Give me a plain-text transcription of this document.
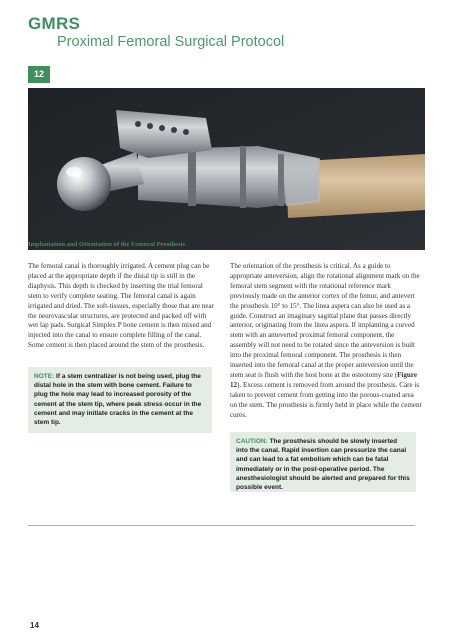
GMRS
Proximal Femoral Surgical Protocol
12
Implantation and Orientation of the Femoral Prosthesis

The femoral canal is thoroughly irrigated. A cement plug can be placed at the appropriate depth if the distal tip is still in the diaphysis. This depth is checked by inserting the trial femoral stem to verify complete seating. The femoral canal is again irrigated and dried. The soft-tissues, especially those that are near the neurovascular structures, are protected and packed off with wet lap pads. Surgical Simplex P bone cement is then mixed and injected into the canal to ensure complete filling of the canal. Some cement is then placed around the stem of the prosthesis.

NOTE: If a stem centralizer is not being used, plug the distal hole in the stem with bone cement. Failure to plug the hole may lead to increased porosity of the cement at the stem tip, where peak stress occur in the cement and may initiate cracks in the cement at the stem tip.

The orientation of the prosthesis is critical. As a guide to appropriate anteversion, align the rotational alignment mark on the femoral stem segment with the rotational reference mark previously made on the anterior cortex of the femur, and antevert the prosthesis 10° to 15°. The linea aspera can also be used as a guide. Construct an imaginary sagittal plane that passes directly anterior, originating from the linea aspera. If implanting a curved stem with an anteverted proximal femoral component, the assembly will not need to be rotated since the anteversion is built into the proximal femoral component. The prosthesis is then inserted into the femoral canal at the proper anteversion until the stem seat is flush with the host bone at the osteotomy site (Figure 12). Excess cement is removed from around the prosthesis. Care is taken to prevent cement from getting into the porous-coated area on the stem. The prosthesis is firmly held in place while the cement cures.

CAUTION: The prosthesis should be slowly inserted into the canal. Rapid insertion can pressurize the canal and can lead to a fat embolism which can be fatal immediately or in the post-operative period. The anesthesiologist should be alerted and prepared for this possible event.
14
